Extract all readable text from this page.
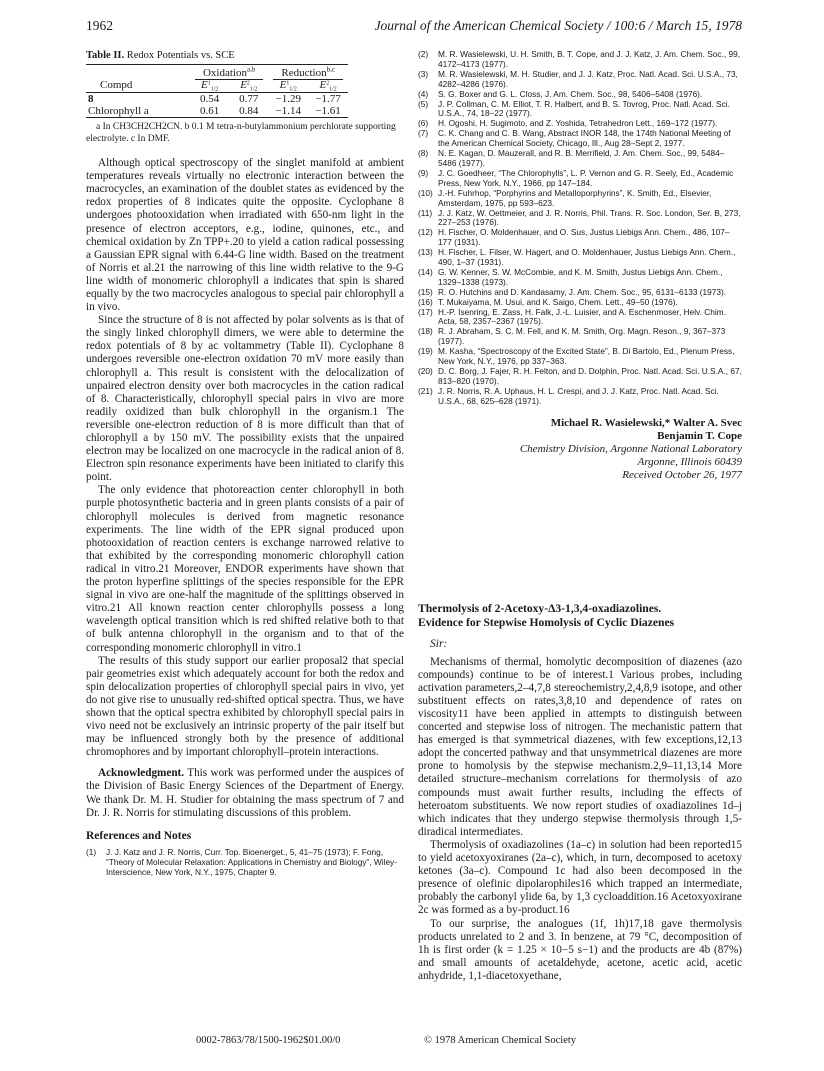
1962	Journal of the American Chemical Society / 100:6 / March 15, 1978
Table II. Redox Potentials vs. SCE
	Oxidation$^{a,b}$		Reduction$^{b,c}$
Compd	$E^1_{1/2}$	$E^2_{1/2}$	$E^1_{1/2}$	$E^2_{1/2}$
8	0.54	0.77	−1.29	−1.77
Chlorophyll a	0.61	0.84	−1.14	−1.61
a In CH3CH2CH2CN. b 0.1 M tetra-n-butylammonium perchlorate supporting electrolyte. c In DMF.

Although optical spectroscopy of the singlet manifold at ambient temperatures reveals virtually no electronic interaction between the macrocycles, an examination of the doublet states as evidenced by the redox properties of 8 indicates quite the opposite. Cyclophane 8 undergoes photooxidation when irradiated with 650-nm light in the presence of electron acceptors, e.g., iodine, quinones, etc., and chemical oxidation by Zn TPP+.20 to yield a cation radical possessing a Gaussian EPR signal with 6.44-G line width. Based on the treatment of Norris et al.21 the narrowing of this line width relative to the 9-G line width of monomeric chlorophyll a indicates that spin is shared equally by the two macrocycles analogous to special pair chlorophyll a in vivo.

Since the structure of 8 is not affected by polar solvents as is that of the singly linked chlorophyll dimers, we were able to determine the redox potentials of 8 by ac voltammetry (Table II). Cyclophane 8 undergoes reversible one-electron oxidation 70 mV more easily than chlorophyll a. This result is consistent with the delocalization of unpaired electron density over both macrocycles in the cation radical of 8. Characteristically, chlorophyll special pairs in vivo are more readily oxidized than bulk chlorophyll in the organism.1 The reversible one-electron reduction of 8 is more difficult than that of chlorophyll a by 150 mV. The possibility exists that the unpaired electron may be localized on one macrocycle in the radical anion of 8. Electron spin resonance experiments have been initiated to clarify this point.

The only evidence that photoreaction center chlorophyll in both purple photosynthetic bacteria and in green plants consists of a pair of chlorophyll molecules is derived from magnetic resonance experiments. The line width of the EPR signal produced upon photooxidation of reaction centers is exchange narrowed relative to that exhibited by the corresponding monomeric chlorophyll cation radical in vitro.21 Moreover, ENDOR experiments have shown that the proton hyperfine splittings of the species responsible for the EPR signal in vivo are one-half the magnitude of the splittings observed in vitro.21 All known reaction center chlorophylls possess a long wavelength optical transition which is red shifted relative both to that of bulk antenna chlorophyll in the organism and to that of the corresponding monomeric chlorophyll in vitro.1

The results of this study support our earlier proposal2 that special pair geometries exist which adequately account for both the redox and spin delocalization properties of chlorophyll special pairs in vivo, yet do not give rise to unusually red-shifted optical spectra. Thus, we have shown that the optical spectra exhibited by chlorophyll special pairs in vivo need not be exclusively an intrinsic property of the pair itself but may be influenced strongly both by the presence of additional chromophores and by important chlorophyll–protein interactions.

Acknowledgment. This work was performed under the auspices of the Division of Basic Energy Sciences of the Department of Energy. We thank Dr. M. H. Studier for obtaining the mass spectrum of 7 and Dr. J. R. Norris for stimulating discussions of this problem.

References and Notes
(1)	J. J. Katz and J. R. Norris, Curr. Top. Bioenerget., 5, 41–75 (1973); F. Fong, “Theory of Molecular Relaxation: Applications in Chemistry and Biology”, Wiley-Interscience, New York, N.Y., 1975, Chapter 9.
(2)	M. R. Wasielewski, U. H. Smith, B. T. Cope, and J. J. Katz, J. Am. Chem. Soc., 99, 4172–4173 (1977).
(3)	M. R. Wasielewski, M. H. Studier, and J. J. Katz, Proc. Natl. Acad. Sci. U.S.A., 73, 4282–4286 (1976).
(4)	S. G. Boxer and G. L. Closs, J. Am. Chem. Soc., 98, 5406–5408 (1976).
(5)	J. P. Collman, C. M. Elliot, T. R. Halbert, and B. S. Tovrog, Proc. Natl. Acad. Sci. U.S.A., 74, 18–22 (1977).
(6)	H. Ogoshi, H. Sugimoto, and Z. Yoshida, Tetrahedron Lett., 169–172 (1977).
(7)	C. K. Chang and C. B. Wang, Abstract INOR 148, the 174th National Meeting of the American Chemical Society, Chicago, Ill., Aug 28–Sept 2, 1977.
(8)	N. E. Kagan, D. Mauzerall, and R. B. Merrifield, J. Am. Chem. Soc., 99, 5484–5486 (1977).
(9)	J. C. Goedheer, “The Chlorophylls”, L. P. Vernon and G. R. Seely, Ed., Academic Press, New York, N.Y., 1966, pp 147–184.
(10) J.-H. Fuhrhop, “Porphyrins and Metalloporphyrins”, K. Smith, Ed., Elsevier, Amsterdam, 1975, pp 593–623.
(11) J. J. Katz, W. Oettmeier, and J. R. Norris, Phil. Trans. R. Soc. London, Ser. B, 273, 227–253 (1976).
(12) H. Fischer, O. Moldenhauer, and O. Sus, Justus Liebigs Ann. Chem., 486, 107–177 (1931).
(13) H. Fischer, L. Filser, W. Hagert, and O. Moldenhauer, Justus Liebigs Ann. Chem., 490, 1–37 (1931).
(14) G. W. Kenner, S. W. McCombie, and K. M. Smith, Justus Liebigs Ann. Chem., 1329–1338 (1973).
(15) R. O. Hutchins and D. Kandasamy, J. Am. Chem. Soc., 95, 6131–6133 (1973).
(16) T. Mukaiyama, M. Usui, and K. Saigo, Chem. Lett., 49–50 (1976).
(17) H.-P. Isenring, E. Zass, H. Falk, J.-L. Luisier, and A. Eschenmoser, Helv. Chim. Acta, 58, 2357–2367 (1975).
(18) R. J. Abraham, S. C. M. Fell, and K. M. Smith, Org. Magn. Reson., 9, 367–373 (1977).
(19) M. Kasha, “Spectroscopy of the Excited State”, B. Di Bartolo, Ed., Plenum Press, New York, N.Y., 1976, pp 337–363.
(20) D. C. Borg, J. Fajer, R. H. Felton, and D. Dolphin, Proc. Natl. Acad. Sci. U.S.A., 67, 813–820 (1970).
(21) J. R. Norris, R. A. Uphaus, H. L. Crespi, and J. J. Katz, Proc. Natl. Acad. Sci. U.S.A., 68, 625–628 (1971).
Michael R. Wasielewski,* Walter A. Svec
Benjamin T. Cope
Chemistry Division, Argonne National Laboratory
Argonne, Illinois 60439
Received October 26, 1977
Thermolysis of 2-Acetoxy-Δ3-1,3,4-oxadiazolines.
Evidence for Stepwise Homolysis of Cyclic Diazenes
Sir:

Mechanisms of thermal, homolytic decomposition of diazenes (azo compounds) continue to be of interest.1 Various probes, including activation parameters,2–4,7,8 stereochemistry,2,4,8,9 isotope, and other substituent effects on rates,3,8,10 and dependence of rates on viscosity11 have been applied in attempts to distinguish between concerted and stepwise loss of nitrogen. The mechanistic pattern that has emerged is that symmetrical diazenes, with few exceptions,12,13 adopt the concerted pathway and that unsymmetrical diazenes are more prone to homolysis by the stepwise mechanism.2,9–11,13,14 More detailed structure–mechanism correlations for thermolysis of azo compounds must await further results, including the effects of heteroatom substituents. We now report studies of oxadiazolines 1d–j which indicates that they undergo stepwise thermolysis through 1,5-diradical intermediates.

Thermolysis of oxadiazolines (1a–c) in solution had been reported15 to yield acetoxyoxiranes (2a–c), which, in turn, decomposed to acetoxy ketones (3a–c). Compound 1c had also been decomposed in the presence of olefinic dipolarophiles16 which trapped an intermediate, probably the carbonyl ylide 6a, by 1,3 cycloaddition.16 Acetoxyoxirane 2c was formed as a by-product.16

To our surprise, the analogues (1f, 1h)17,18 gave thermolysis products unrelated to 2 and 3. In benzene, at 79 °C, decomposition of 1h is first order (k = 1.25 × 10−5 s−1) and the products are 4b (87%) and small amounts of acetaldehyde, acetone, acetic acid, acetic anhydride, 1,1-diacetoxyethane,

0002-7863/78/1500-1962$01.00/0	© 1978 American Chemical Society
